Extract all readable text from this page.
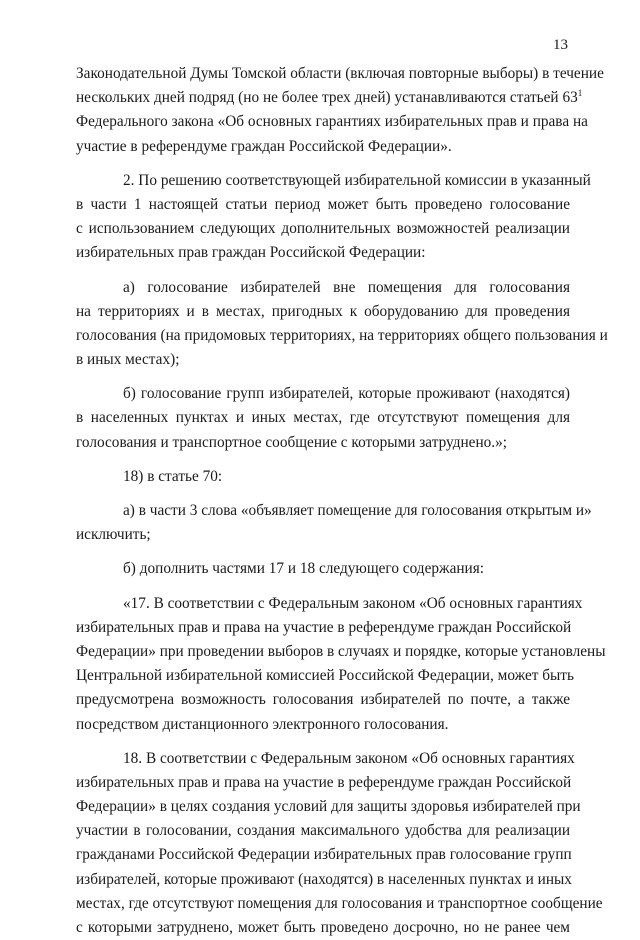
13
Законодательной Думы Томской области (включая повторные выборы) в течение
нескольких дней подряд (но не более трех дней) устанавливаются статьей $63^1$
Федерального закона «Об основных гарантиях избирательных прав и права на
участие в референдуме граждан Российской Федерации».
2. По решению соответствующей избирательной комиссии в указанный
в части 1 настоящей статьи период может быть проведено голосование
с использованием следующих дополнительных возможностей реализации
избирательных прав граждан Российской Федерации:
а) голосование избирателей вне помещения для голосования
на территориях и в местах, пригодных к оборудованию для проведения
голосования (на придомовых территориях, на территориях общего пользования и
в иных местах);
б) голосование групп избирателей, которые проживают (находятся)
в населенных пунктах и иных местах, где отсутствуют помещения для
голосования и транспортное сообщение с которыми затруднено.»;
18) в статье 70:
а) в части 3 слова «объявляет помещение для голосования открытым и»
исключить;
б) дополнить частями 17 и 18 следующего содержания:
«17. В соответствии с Федеральным законом «Об основных гарантиях
избирательных прав и права на участие в референдуме граждан Российской
Федерации» при проведении выборов в случаях и порядке, которые установлены
Центральной избирательной комиссией Российской Федерации, может быть
предусмотрена возможность голосования избирателей по почте, а также
посредством дистанционного электронного голосования.
18. В соответствии с Федеральным законом «Об основных гарантиях
избирательных прав и права на участие в референдуме граждан Российской
Федерации» в целях создания условий для защиты здоровья избирателей при
участии в голосовании, создания максимального удобства для реализации
гражданами Российской Федерации избирательных прав голосование групп
избирателей, которые проживают (находятся) в населенных пунктах и иных
местах, где отсутствуют помещения для голосования и транспортное сообщение
с которыми затруднено, может быть проведено досрочно, но не ранее чем
